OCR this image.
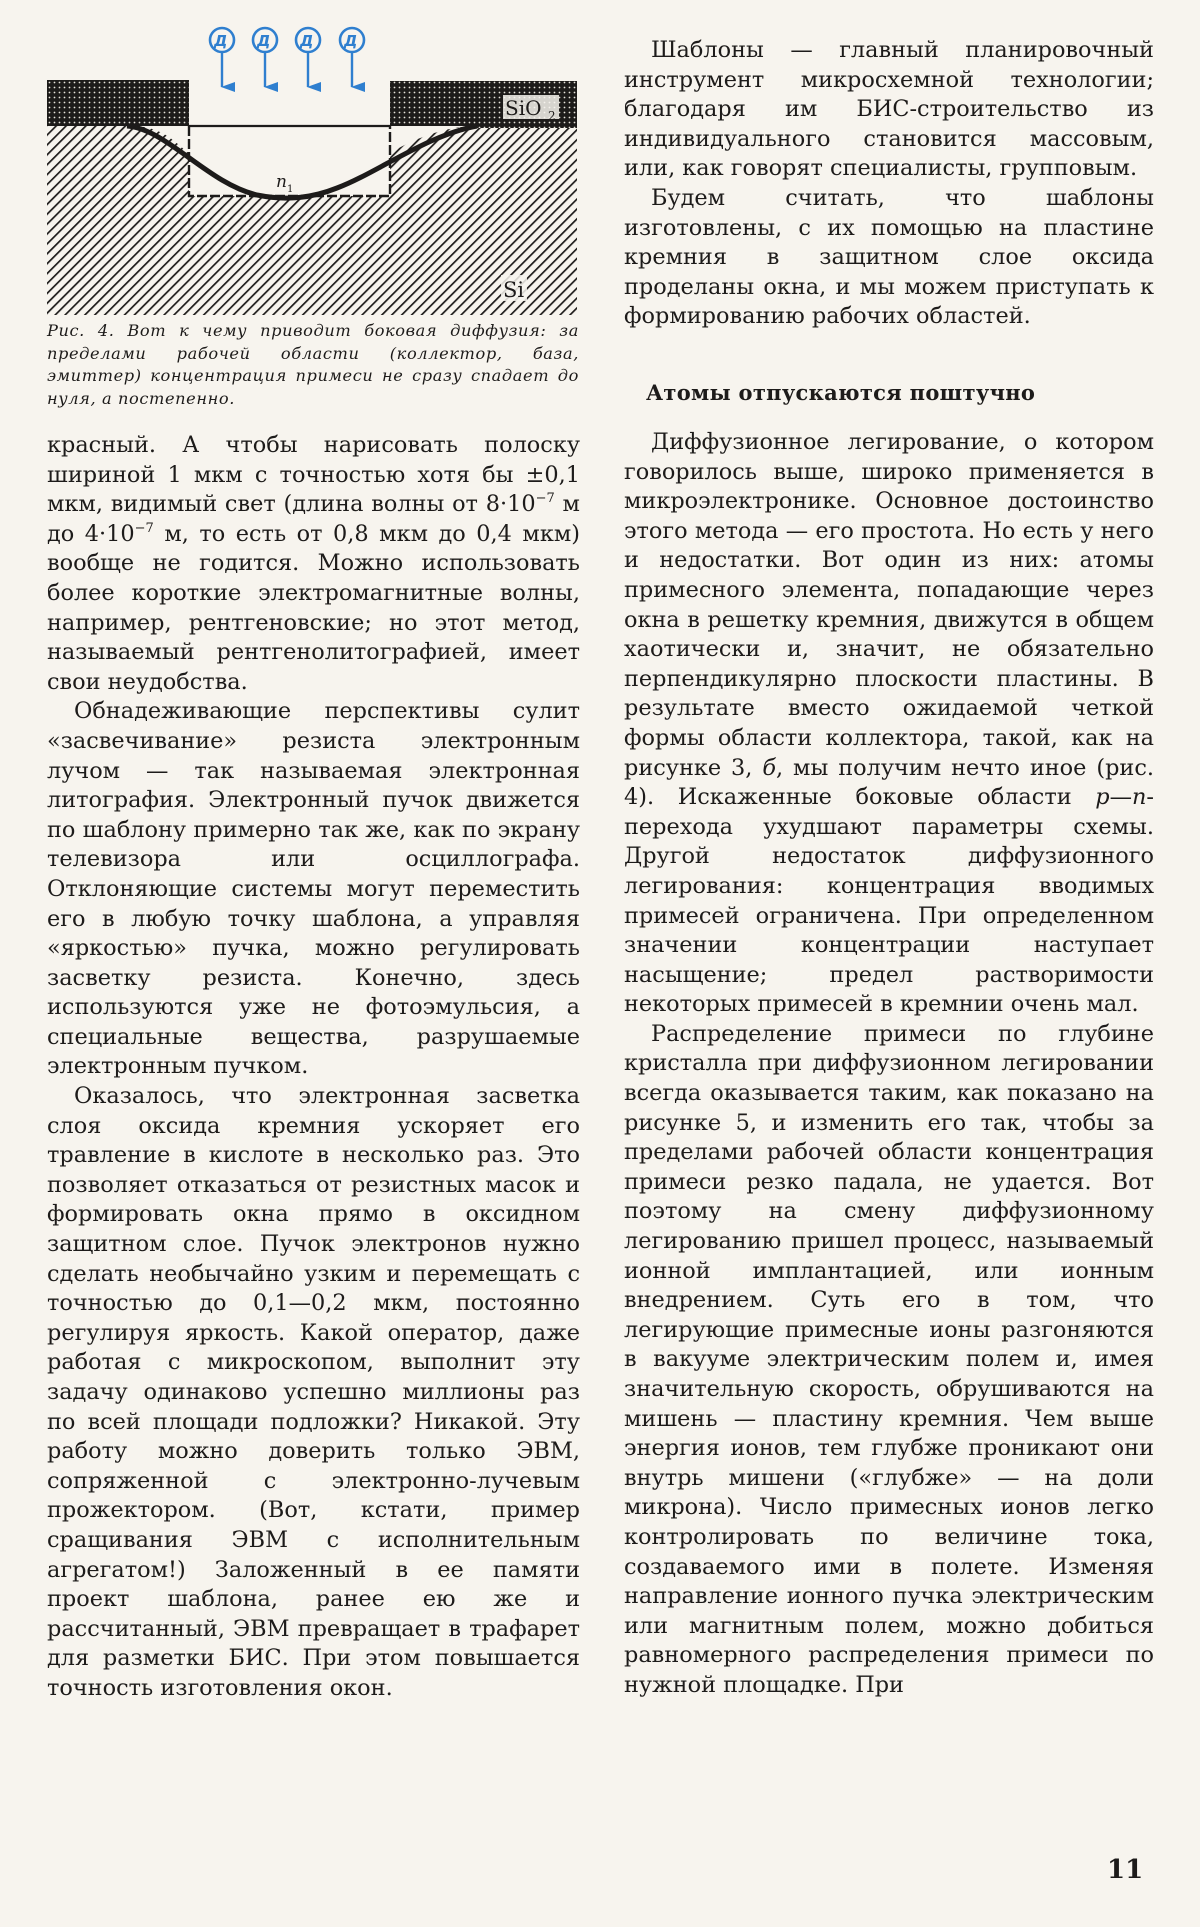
SiO 2
Si
n 1
Д Д Д Д

Рис. 4. Вот к чему приводит боковая диффузия: за пределами рабочей области (коллектор, база, эмиттер) концентрация примеси не сразу спадает до нуля, а постепенно.

красный. А чтобы нарисовать полоску шириной 1 мкм с точностью хотя бы ±0,1 мкм, видимый свет (длина волны от $8\cdot 10^{-7}$ м до $4\cdot 10^{-7}$ м, то есть от 0,8 мкм до 0,4 мкм) вообще не годится. Можно использовать более короткие электромагнитные волны, например, рентгеновские; но этот метод, называемый рентгенолитографией, имеет свои неудобства.

Обнадеживающие перспективы сулит «засвечивание» резиста электронным лучом — так называемая электронная литография. Электронный пучок движется по шаблону примерно так же, как по экрану телевизора или осциллографа. Отклоняющие системы могут переместить его в любую точку шаблона, а управляя «яркостью» пучка, можно регулировать засветку резиста. Конечно, здесь используются уже не фотоэмульсия, а специальные вещества, разрушаемые электронным пучком.

Оказалось, что электронная засветка слоя оксида кремния ускоряет его травление в кислоте в несколько раз. Это позволяет отказаться от резистных масок и формировать окна прямо в оксидном защитном слое. Пучок электронов нужно сделать необычайно узким и перемещать с точностью до 0,1—0,2 мкм, постоянно регулируя яркость. Какой оператор, даже работая с микроскопом, выполнит эту задачу одинаково успешно миллионы раз по всей площади подложки? Никакой. Эту работу можно доверить только ЭВМ, сопряженной с электронно-лучевым прожектором. (Вот, кстати, пример сращивания ЭВМ с исполнительным агрегатом!) Заложенный в ее памяти проект шаблона, ранее ею же и рассчитанный, ЭВМ превращает в трафарет для разметки БИС. При этом повышается точность изготовления окон.

Шаблоны — главный планировочный инструмент микросхемной технологии; благодаря им БИС-строительство из индивидуального становится массовым, или, как говорят специалисты, групповым.

Будем считать, что шаблоны изготовлены, с их помощью на пластине кремния в защитном слое оксида проделаны окна, и мы можем приступать к формированию рабочих областей.

Атомы отпускаются поштучно

Диффузионное легирование, о котором говорилось выше, широко применяется в микроэлектронике. Основное достоинство этого метода — его простота. Но есть у него и недостатки. Вот один из них: атомы примесного элемента, попадающие через окна в решетку кремния, движутся в общем хаотически и, значит, не обязательно перпендикулярно плоскости пластины. В результате вместо ожидаемой четкой формы области коллектора, такой, как на рисунке 3, б, мы получим нечто иное (рис. 4). Искаженные боковые области p—n-перехода ухудшают параметры схемы. Другой недостаток диффузионного легирования: концентрация вводимых примесей ограничена. При определенном значении концентрации наступает насыщение; предел растворимости некоторых примесей в кремнии очень мал.

Распределение примеси по глубине кристалла при диффузионном легировании всегда оказывается таким, как показано на рисунке 5, и изменить его так, чтобы за пределами рабочей области концентрация примеси резко падала, не удается. Вот поэтому на смену диффузионному легированию пришел процесс, называемый ионной имплантацией, или ионным внедрением. Суть его в том, что легирующие примесные ионы разгоняются в вакууме электрическим полем и, имея значительную скорость, обрушиваются на мишень — пластину кремния. Чем выше энергия ионов, тем глубже проникают они внутрь мишени («глубже» — на доли микрона). Число примесных ионов легко контролировать по величине тока, создаваемого ими в полете. Изменяя направление ионного пучка электрическим или магнитным полем, можно добиться равномерного распределения примеси по нужной площадке. При

11
